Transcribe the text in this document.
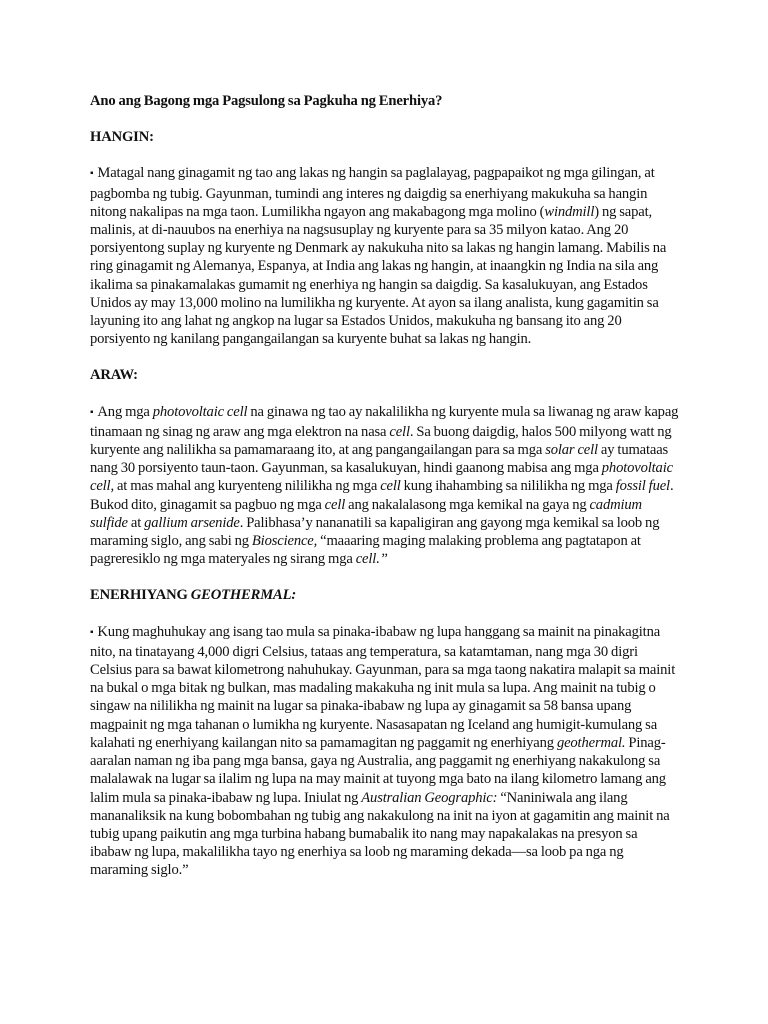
Ano ang Bagong mga Pagsulong sa Pagkuha ng Enerhiya?
HANGIN:

▪ Matagal nang ginagamit ng tao ang lakas ng hangin sa paglalayag, pagpapaikot ng mga gilingan, at pagbomba ng tubig. Gayunman, tumindi ang interes ng daigdig sa enerhiyang makukuha sa hangin nitong nakalipas na mga taon. Lumilikha ngayon ang makabagong mga molino (windmill) ng sapat, malinis, at di-nauubos na enerhiya na nagsusuplay ng kuryente para sa 35 milyon katao. Ang 20 porsiyentong suplay ng kuryente ng Denmark ay nakukuha nito sa lakas ng hangin lamang. Mabilis na ring ginagamit ng Alemanya, Espanya, at India ang lakas ng hangin, at inaangkin ng India na sila ang ikalima sa pinakamalakas gumamit ng enerhiya ng hangin sa daigdig. Sa kasalukuyan, ang Estados Unidos ay may 13,000 molino na lumilikha ng kuryente. At ayon sa ilang analista, kung gagamitin sa layuning ito ang lahat ng angkop na lugar sa Estados Unidos, makukuha ng bansang ito ang 20 porsiyento ng kanilang pangangailangan sa kuryente buhat sa lakas ng hangin.

ARAW:

▪ Ang mga photovoltaic cell na ginawa ng tao ay nakalilikha ng kuryente mula sa liwanag ng araw kapag tinamaan ng sinag ng araw ang mga elektron na nasa cell. Sa buong daigdig, halos 500 milyong watt ng kuryente ang nalilikha sa pamamaraang ito, at ang pangangailangan para sa mga solar cell ay tumataas nang 30 porsiyento taun-taon. Gayunman, sa kasalukuyan, hindi gaanong mabisa ang mga photovoltaic cell, at mas mahal ang kuryenteng nililikha ng mga cell kung ihahambing sa nililikha ng mga fossil fuel. Bukod dito, ginagamit sa pagbuo ng mga cell ang nakalalasong mga kemikal na gaya ng cadmium sulfide at gallium arsenide. Palibhasa’y nananatili sa kapaligiran ang gayong mga kemikal sa loob ng maraming siglo, ang sabi ng Bioscience, “maaaring maging malaking problema ang pagtatapon at pagreresiklo ng mga materyales ng sirang mga cell.”

ENERHIYANG GEOTHERMAL:

▪ Kung maghuhukay ang isang tao mula sa pinaka-ibabaw ng lupa hanggang sa mainit na pinakagitna nito, na tinatayang 4,000 digri Celsius, tataas ang temperatura, sa katamtaman, nang mga 30 digri Celsius para sa bawat kilometrong nahuhukay. Gayunman, para sa mga taong nakatira malapit sa mainit na bukal o mga bitak ng bulkan, mas madaling makakuha ng init mula sa lupa. Ang mainit na tubig o singaw na nililikha ng mainit na lugar sa pinaka-ibabaw ng lupa ay ginagamit sa 58 bansa upang magpainit ng mga tahanan o lumikha ng kuryente. Nasasapatan ng Iceland ang humigit-kumulang sa kalahati ng enerhiyang kailangan nito sa pamamagitan ng paggamit ng enerhiyang geothermal. Pinag-aaralan naman ng iba pang mga bansa, gaya ng Australia, ang paggamit ng enerhiyang nakakulong sa malalawak na lugar sa ilalim ng lupa na may mainit at tuyong mga bato na ilang kilometro lamang ang lalim mula sa pinaka-ibabaw ng lupa. Iniulat ng Australian Geographic: “Naniniwala ang ilang mananaliksik na kung bobombahan ng tubig ang nakakulong na init na iyon at gagamitin ang mainit na tubig upang paikutin ang mga turbina habang bumabalik ito nang may napakalakas na presyon sa ibabaw ng lupa, makalilikha tayo ng enerhiya sa loob ng maraming dekada—sa loob pa nga ng maraming siglo.”
